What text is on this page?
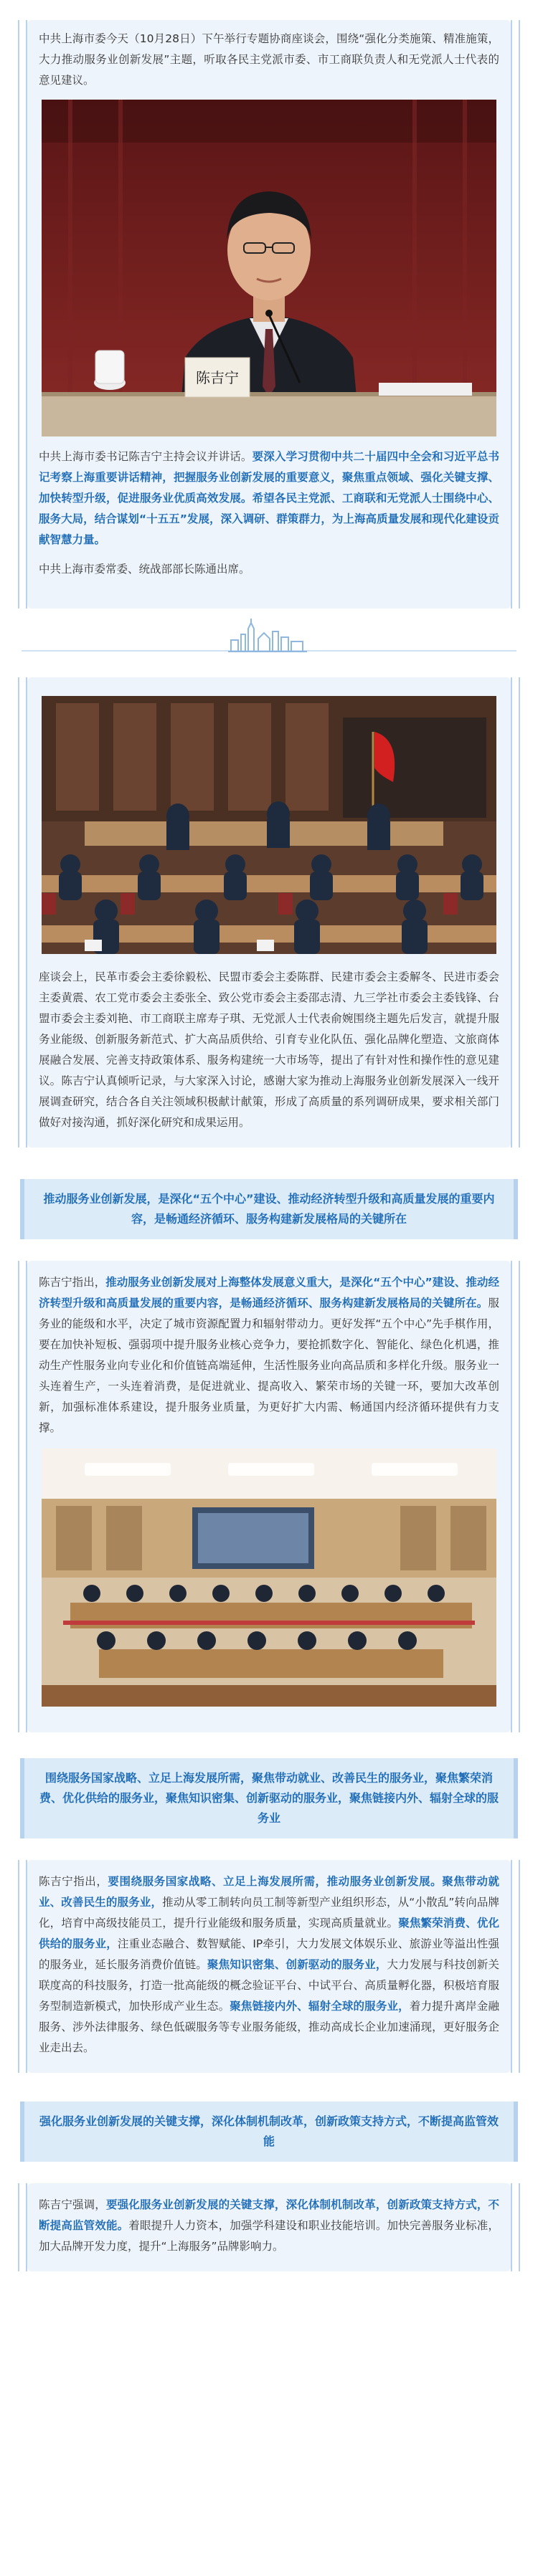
中共上海市委今天（10月28日）下午举行专题协商座谈会，围绕“强化分类施策、精准施策，大力推动服务业创新发展”主题，听取各民主党派市委、市工商联负责人和无党派人士代表的意见建议。

陈吉宁

中共上海市委书记陈吉宁主持会议并讲话。要深入学习贯彻中共二十届四中全会和习近平总书记考察上海重要讲话精神，把握服务业创新发展的重要意义，聚焦重点领域、强化关键支撑、加快转型升级，促进服务业优质高效发展。希望各民主党派、工商联和无党派人士围绕中心、服务大局，结合谋划“十五五”发展，深入调研、群策群力，为上海高质量发展和现代化建设贡献智慧力量。

中共上海市委常委、统战部部长陈通出席。

座谈会上，民革市委会主委徐毅松、民盟市委会主委陈群、民建市委会主委解冬、民进市委会主委黄震、农工党市委会主委张全、致公党市委会主委邵志清、九三学社市委会主委钱锋、台盟市委会主委刘艳、市工商联主席寿子琪、无党派人士代表俞婉围绕主题先后发言，就提升服务业能级、创新服务新范式、扩大高品质供给、引育专业化队伍、强化品牌化塑造、文旅商体展融合发展、完善支持政策体系、服务构建统一大市场等，提出了有针对性和操作性的意见建议。陈吉宁认真倾听记录，与大家深入讨论，感谢大家为推动上海服务业创新发展深入一线开展调查研究，结合各自关注领域积极献计献策，形成了高质量的系列调研成果，要求相关部门做好对接沟通，抓好深化研究和成果运用。

推动服务业创新发展，是深化“五个中心”建设、推动经济转型升级和高质量发展的重要内容，是畅通经济循环、服务构建新发展格局的关键所在

陈吉宁指出，推动服务业创新发展对上海整体发展意义重大，是深化“五个中心”建设、推动经济转型升级和高质量发展的重要内容，是畅通经济循环、服务构建新发展格局的关键所在。服务业的能级和水平，决定了城市资源配置力和辐射带动力。更好发挥“五个中心”先手棋作用，要在加快补短板、强弱项中提升服务业核心竞争力，要抢抓数字化、智能化、绿色化机遇，推动生产性服务业向专业化和价值链高端延伸，生活性服务业向高品质和多样化升级。服务业一头连着生产，一头连着消费，是促进就业、提高收入、繁荣市场的关键一环，要加大改革创新，加强标准体系建设，提升服务业质量，为更好扩大内需、畅通国内经济循环提供有力支撑。

围绕服务国家战略、立足上海发展所需，聚焦带动就业、改善民生的服务业，聚焦繁荣消费、优化供给的服务业，聚焦知识密集、创新驱动的服务业，聚焦链接内外、辐射全球的服务业

陈吉宁指出，要围绕服务国家战略、立足上海发展所需，推动服务业创新发展。聚焦带动就业、改善民生的服务业，推动从零工制转向员工制等新型产业组织形态，从“小散乱”转向品牌化，培育中高级技能员工，提升行业能级和服务质量，实现高质量就业。聚焦繁荣消费、优化供给的服务业，注重业态融合、数智赋能、IP牵引，大力发展文体娱乐业、旅游业等溢出性强的服务业，延长服务消费价值链。聚焦知识密集、创新驱动的服务业，大力发展与科技创新关联度高的科技服务，打造一批高能级的概念验证平台、中试平台、高质量孵化器，积极培育服务型制造新模式，加快形成产业生态。聚焦链接内外、辐射全球的服务业，着力提升离岸金融服务、涉外法律服务、绿色低碳服务等专业服务能级，推动高成长企业加速涌现，更好服务企业走出去。

强化服务业创新发展的关键支撑，深化体制机制改革，创新政策支持方式，不断提高监管效能

陈吉宁强调，要强化服务业创新发展的关键支撑，深化体制机制改革，创新政策支持方式，不断提高监管效能。着眼提升人力资本，加强学科建设和职业技能培训。加快完善服务业标准，加大品牌开发力度，提升“上海服务”品牌影响力。
